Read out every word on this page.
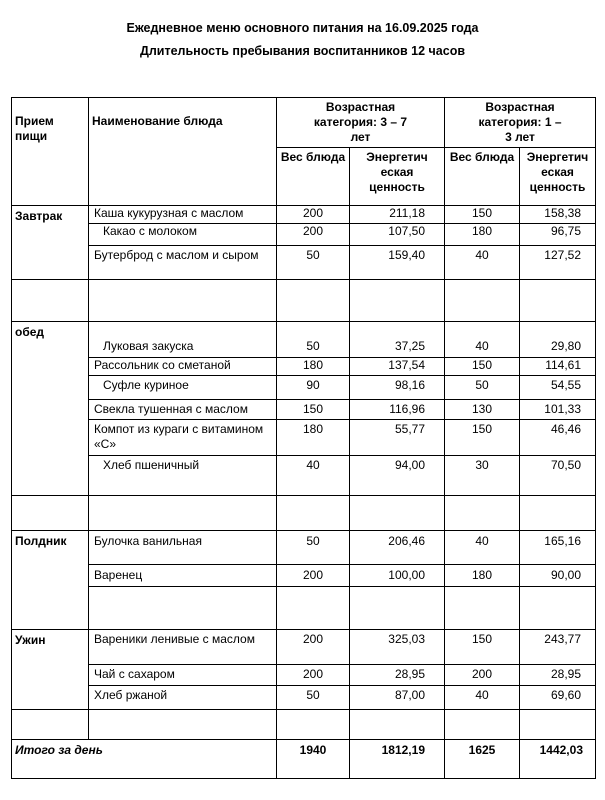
Ежедневное меню основного питания на 16.09.2025 года
Длительность пребывания воспитанников 12 часов
Прием пищи	Наименование блюда	Возрастная категория: 3 – 7 лет		Возрастная категория: 1 – 3 лет	
		Вес блюда	Энергетич еская ценность	Вес блюда	Энергетич еская ценность
Завтрак	Каша кукурузная с маслом	200	211,18	150	158,38
	Какао с молоком	200	107,50	180	96,75
	Бутерброд с маслом и сыром	50	159,40	40	127,52

обед	Луковая закуска	50	37,25	40	29,80
	Рассольник со сметаной	180	137,54	150	114,61
	Суфле куриное	90	98,16	50	54,55
	Свекла тушенная с маслом	150	116,96	130	101,33
	Компот из кураги с витамином «С»	180	55,77	150	46,46
	Хлеб пшеничный	40	94,00	30	70,50

Полдник	Булочка ванильная	50	206,46	40	165,16
	Варенец	200	100,00	180	90,00

Ужин	Вареники ленивые с маслом	200	325,03	150	243,77
	Чай с сахаром	200	28,95	200	28,95
	Хлеб ржаной	50	87,00	40	69,60

Итого за день		1940	1812,19	1625	1442,03
